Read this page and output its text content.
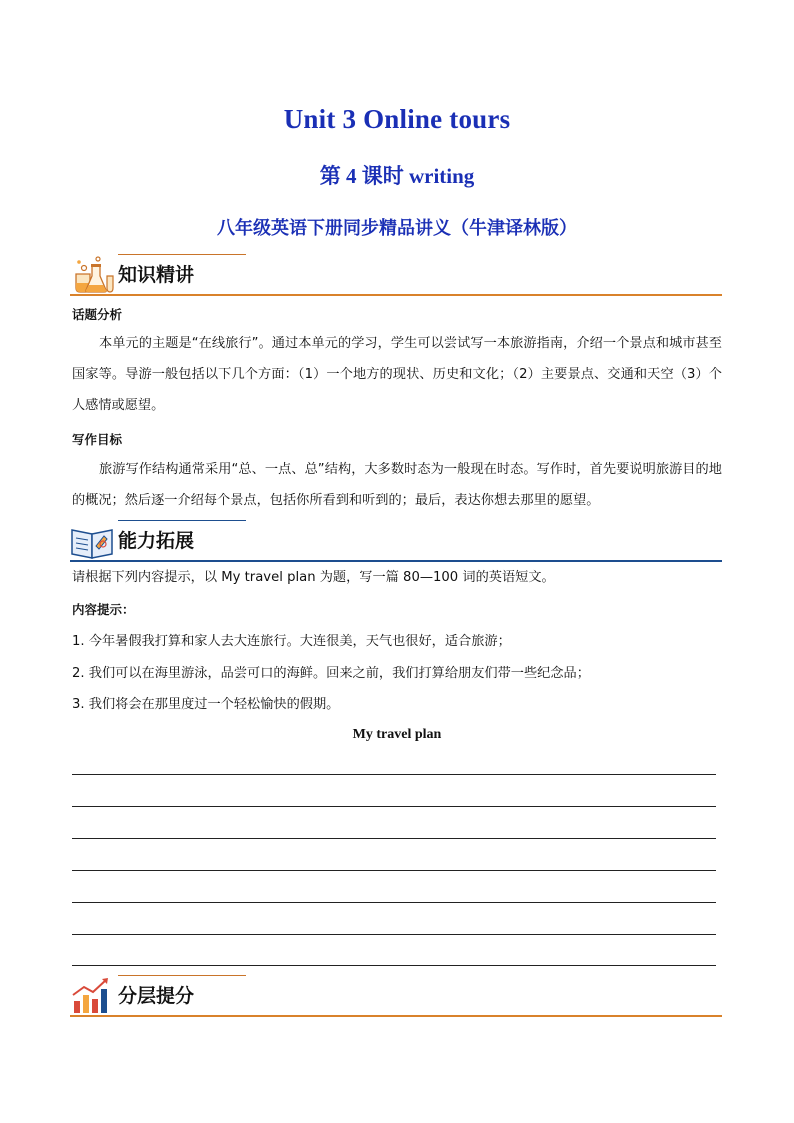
Unit 3 Online tours
第 4 课时 writing
八年级英语下册同步精品讲义（牛津译林版）
知识精讲
话题分析
本单元的主题是“在线旅行”。通过本单元的学习，学生可以尝试写一本旅游指南，介绍一个景点和城市甚至国家等。导游一般包括以下几个方面：（1）一个地方的现状、历史和文化；（2）主要景点、交通和天空（3）个人感情或愿望。
写作目标
旅游写作结构通常采用“总、一点、总”结构，大多数时态为一般现在时态。写作时，首先要说明旅游目的地的概况；然后逐一介绍每个景点，包括你所看到和听到的；最后，表达你想去那里的愿望。
能力拓展
请根据下列内容提示，以 My travel plan 为题，写一篇 80—100 词的英语短文。
内容提示：
1. 今年暑假我打算和家人去大连旅行。大连很美，天气也很好，适合旅游；
2. 我们可以在海里游泳，品尝可口的海鲜。回来之前，我们打算给朋友们带一些纪念品；
3. 我们将会在那里度过一个轻松愉快的假期。
My travel plan
分层提分
